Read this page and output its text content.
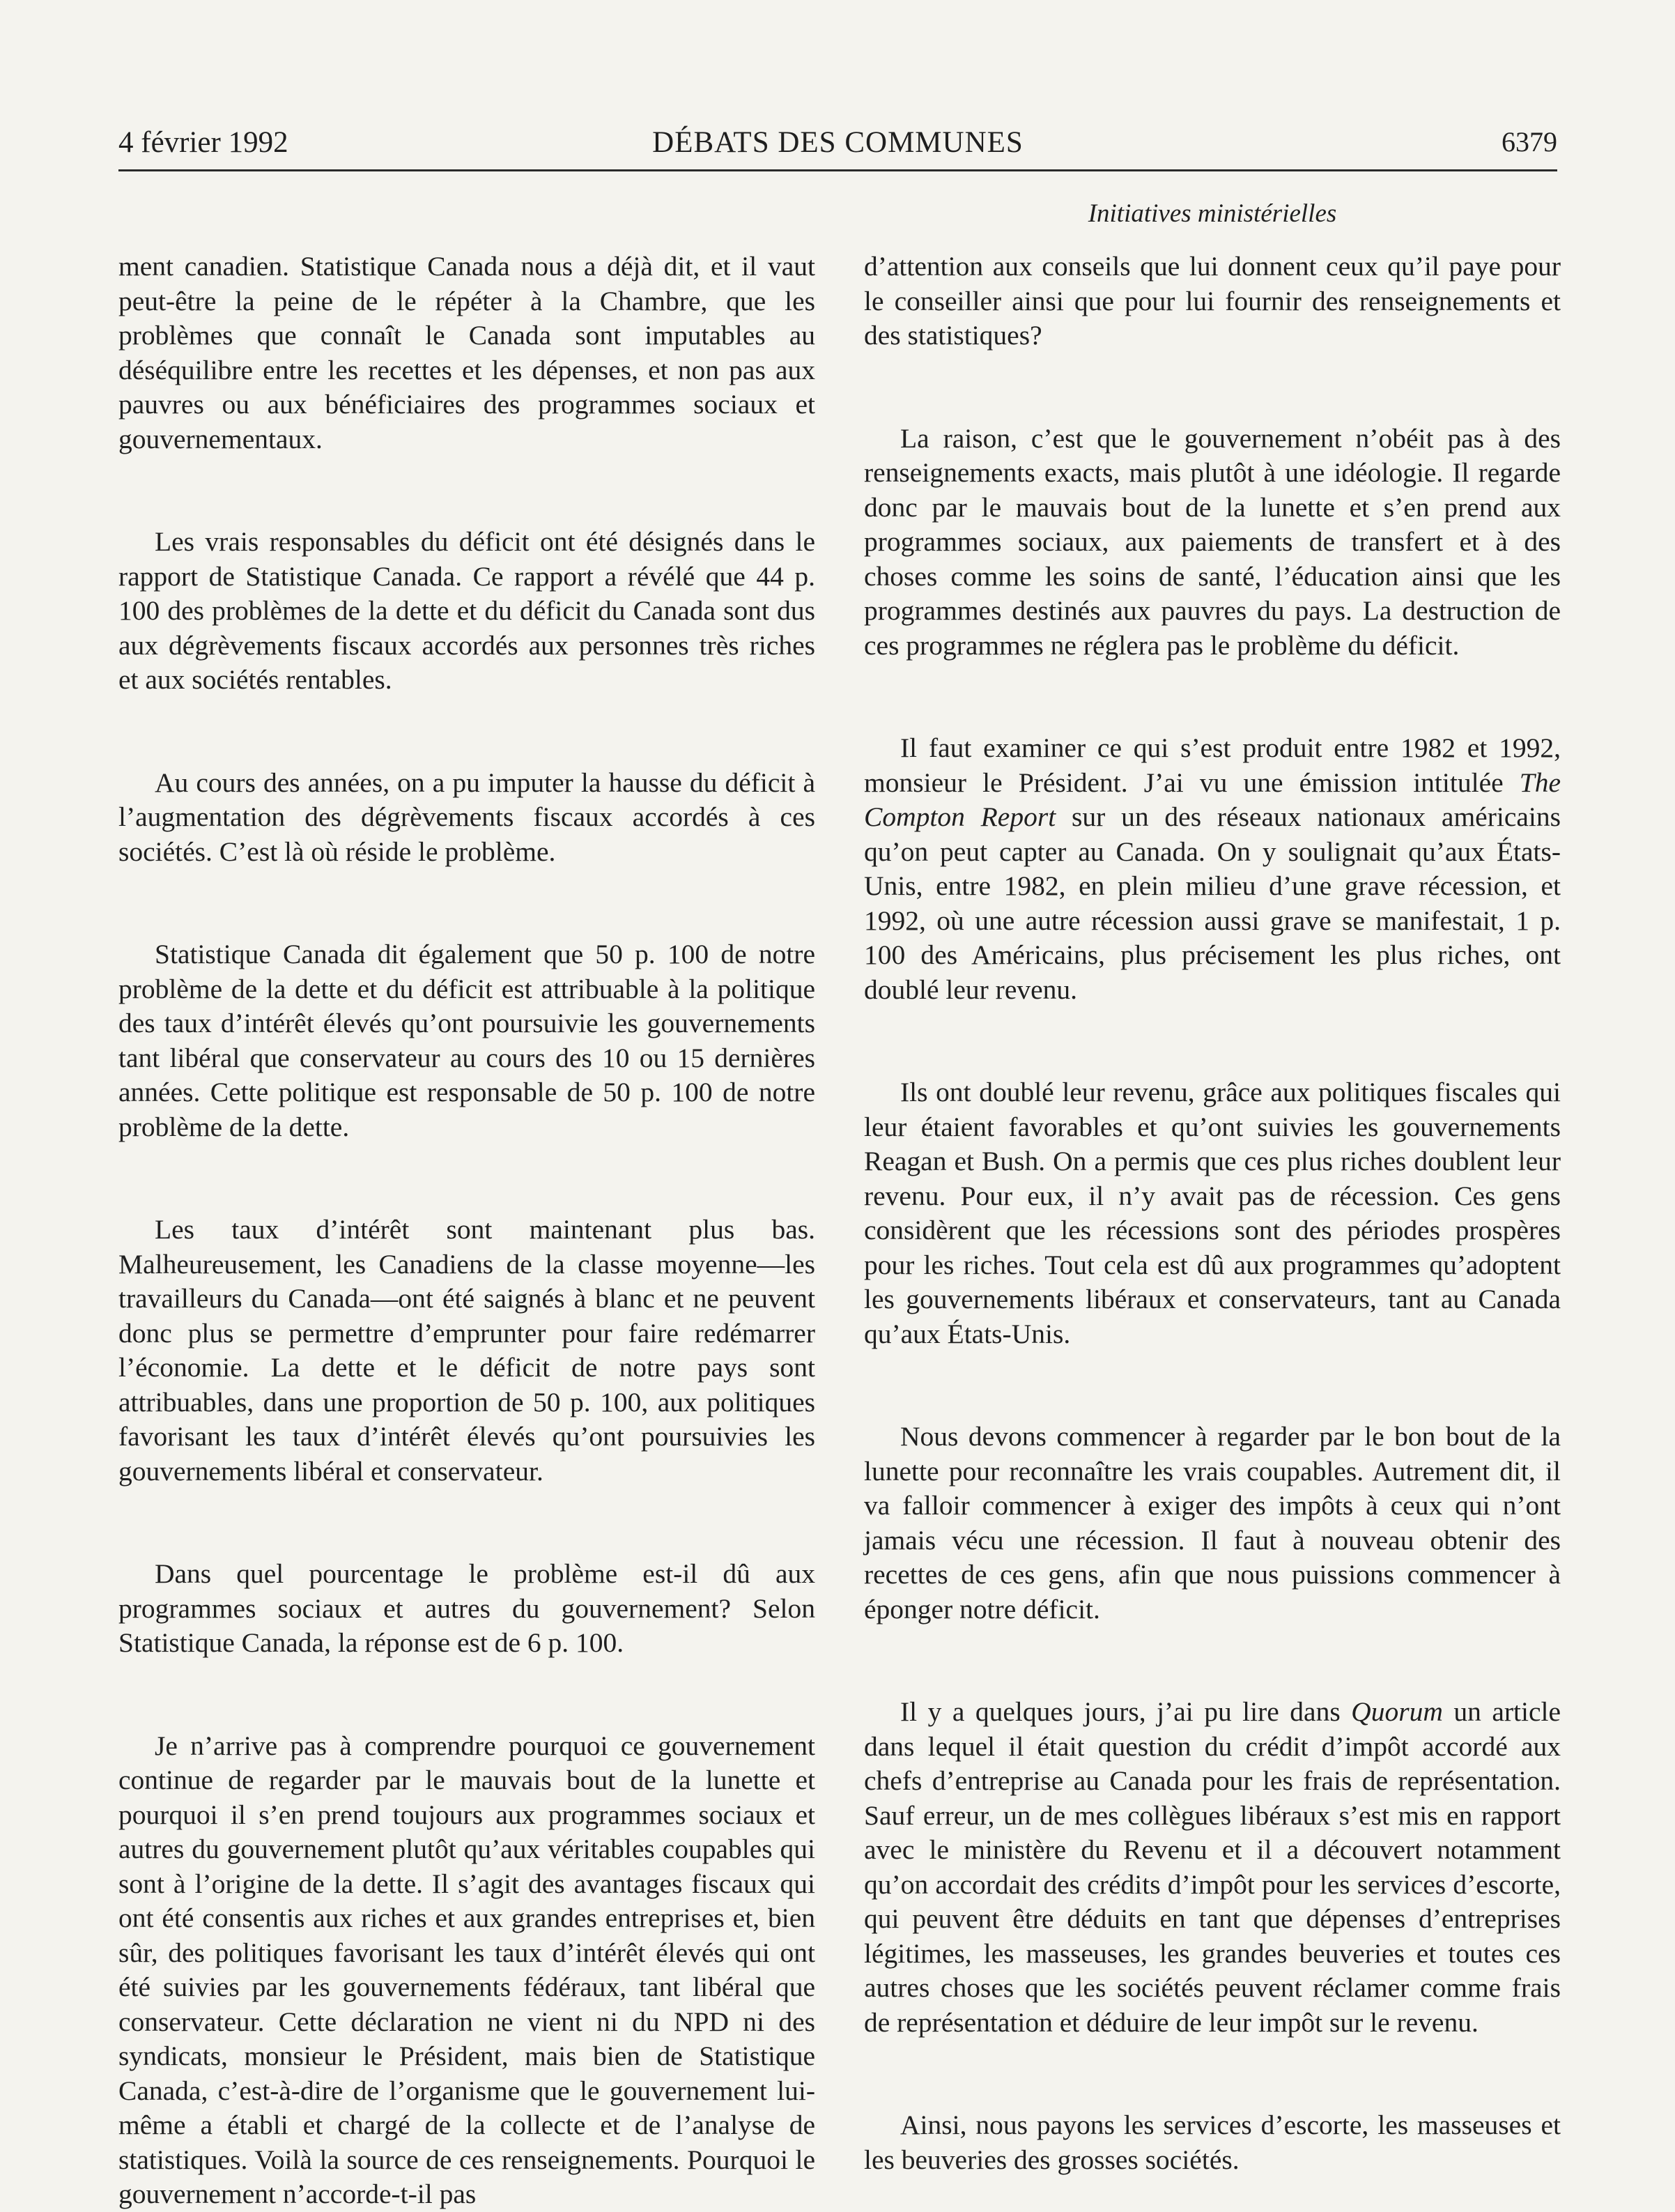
4 février 1992	DÉBATS DES COMMUNES	6379
Initiatives ministérielles

ment canadien. Statistique Canada nous a déjà dit, et il vaut peut-être la peine de le répéter à la Chambre, que les problèmes que connaît le Canada sont imputables au déséquilibre entre les recettes et les dépenses, et non pas aux pauvres ou aux bénéficiaires des programmes sociaux et gouvernementaux.

Les vrais responsables du déficit ont été désignés dans le rapport de Statistique Canada. Ce rapport a révélé que 44 p. 100 des problèmes de la dette et du déficit du Canada sont dus aux dégrèvements fiscaux accordés aux personnes très riches et aux sociétés rentables.

Au cours des années, on a pu imputer la hausse du déficit à l’augmentation des dégrèvements fiscaux accordés à ces sociétés. C’est là où réside le problème.

Statistique Canada dit également que 50 p. 100 de notre problème de la dette et du déficit est attribuable à la politique des taux d’intérêt élevés qu’ont poursuivie les gouvernements tant libéral que conservateur au cours des 10 ou 15 dernières années. Cette politique est responsable de 50 p. 100 de notre problème de la dette.

Les taux d’intérêt sont maintenant plus bas. Malheureusement, les Canadiens de la classe moyenne—les travailleurs du Canada—ont été saignés à blanc et ne peuvent donc plus se permettre d’emprunter pour faire redémarrer l’économie. La dette et le déficit de notre pays sont attribuables, dans une proportion de 50 p. 100, aux politiques favorisant les taux d’intérêt élevés qu’ont poursuivies les gouvernements libéral et conservateur.

Dans quel pourcentage le problème est-il dû aux programmes sociaux et autres du gouvernement? Selon Statistique Canada, la réponse est de 6 p. 100.

Je n’arrive pas à comprendre pourquoi ce gouvernement continue de regarder par le mauvais bout de la lunette et pourquoi il s’en prend toujours aux programmes sociaux et autres du gouvernement plutôt qu’aux véritables coupables qui sont à l’origine de la dette. Il s’agit des avantages fiscaux qui ont été consentis aux riches et aux grandes entreprises et, bien sûr, des politiques favorisant les taux d’intérêt élevés qui ont été suivies par les gouvernements fédéraux, tant libéral que conservateur. Cette déclaration ne vient ni du NPD ni des syndicats, monsieur le Président, mais bien de Statistique Canada, c’est-à-dire de l’organisme que le gouvernement lui-même a établi et chargé de la collecte et de l’analyse de statistiques. Voilà la source de ces renseignements. Pourquoi le gouvernement n’accorde-t-il pas

d’attention aux conseils que lui donnent ceux qu’il paye pour le conseiller ainsi que pour lui fournir des renseignements et des statistiques?

La raison, c’est que le gouvernement n’obéit pas à des renseignements exacts, mais plutôt à une idéologie. Il regarde donc par le mauvais bout de la lunette et s’en prend aux programmes sociaux, aux paiements de transfert et à des choses comme les soins de santé, l’éducation ainsi que les programmes destinés aux pauvres du pays. La destruction de ces programmes ne réglera pas le problème du déficit.

Il faut examiner ce qui s’est produit entre 1982 et 1992, monsieur le Président. J’ai vu une émission intitulée The Compton Report sur un des réseaux nationaux américains qu’on peut capter au Canada. On y soulignait qu’aux États-Unis, entre 1982, en plein milieu d’une grave récession, et 1992, où une autre récession aussi grave se manifestait, 1 p. 100 des Américains, plus précisement les plus riches, ont doublé leur revenu.

Ils ont doublé leur revenu, grâce aux politiques fiscales qui leur étaient favorables et qu’ont suivies les gouvernements Reagan et Bush. On a permis que ces plus riches doublent leur revenu. Pour eux, il n’y avait pas de récession. Ces gens considèrent que les récessions sont des périodes prospères pour les riches. Tout cela est dû aux programmes qu’adoptent les gouvernements libéraux et conservateurs, tant au Canada qu’aux États-Unis.

Nous devons commencer à regarder par le bon bout de la lunette pour reconnaître les vrais coupables. Autrement dit, il va falloir commencer à exiger des impôts à ceux qui n’ont jamais vécu une récession. Il faut à nouveau obtenir des recettes de ces gens, afin que nous puissions commencer à éponger notre déficit.

Il y a quelques jours, j’ai pu lire dans Quorum un article dans lequel il était question du crédit d’impôt accordé aux chefs d’entreprise au Canada pour les frais de représentation. Sauf erreur, un de mes collègues libéraux s’est mis en rapport avec le ministère du Revenu et il a découvert notamment qu’on accordait des crédits d’impôt pour les services d’escorte, qui peuvent être déduits en tant que dépenses d’entreprises légitimes, les masseuses, les grandes beuveries et toutes ces autres choses que les sociétés peuvent réclamer comme frais de représentation et déduire de leur impôt sur le revenu.

Ainsi, nous payons les services d’escorte, les masseuses et les beuveries des grosses sociétés.
